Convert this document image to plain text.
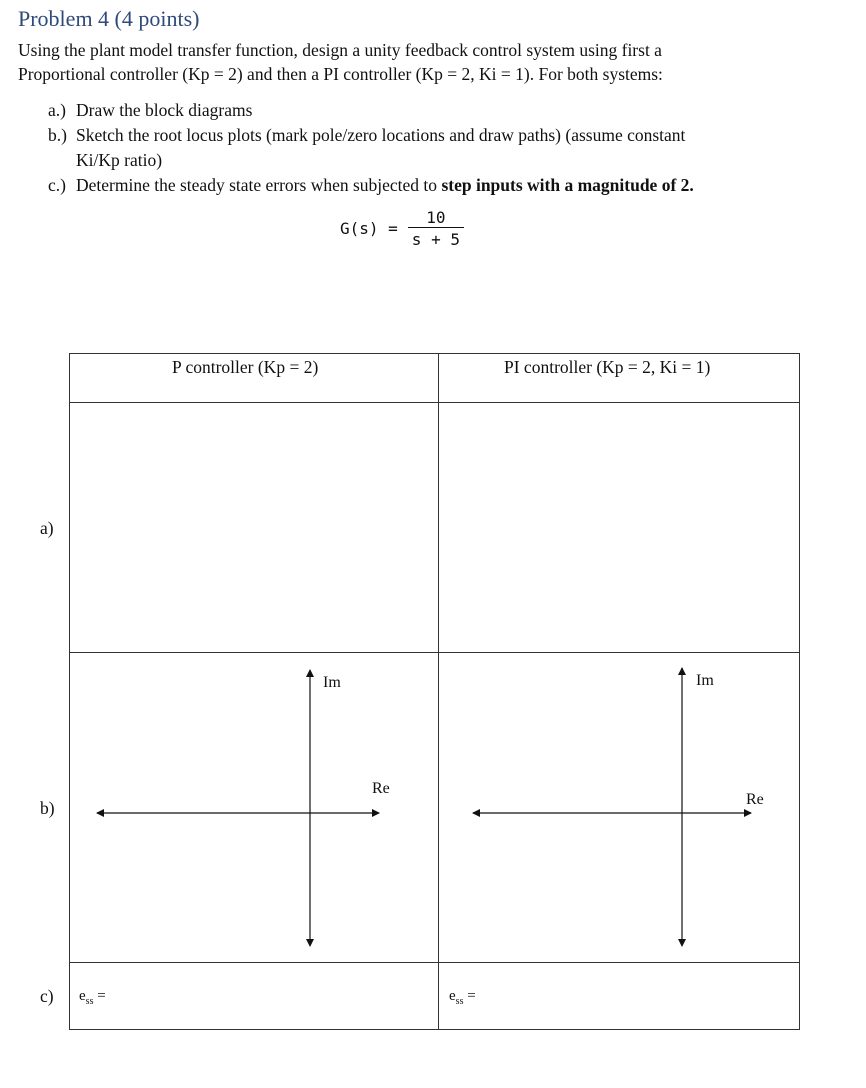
Problem 4 (4 points)
Using the plant model transfer function, design a unity feedback control system using first a
Proportional controller (Kp = 2) and then a PI controller (Kp = 2, Ki = 1). For both systems:
a.) Draw the block diagrams
b.) Sketch the root locus plots (mark pole/zero locations and draw paths) (assume constant
Ki/Kp ratio)
c.) Determine the steady state errors when subjected to step inputs with a magnitude of 2.
$G(s) = \frac{10}{s + 5}$
P controller (Kp = 2)	PI controller (Kp = 2, Ki = 1)
Im
Re
Im
Re
$e_{ss}$ =	$e_{ss}$ =
a)
b)
c)
